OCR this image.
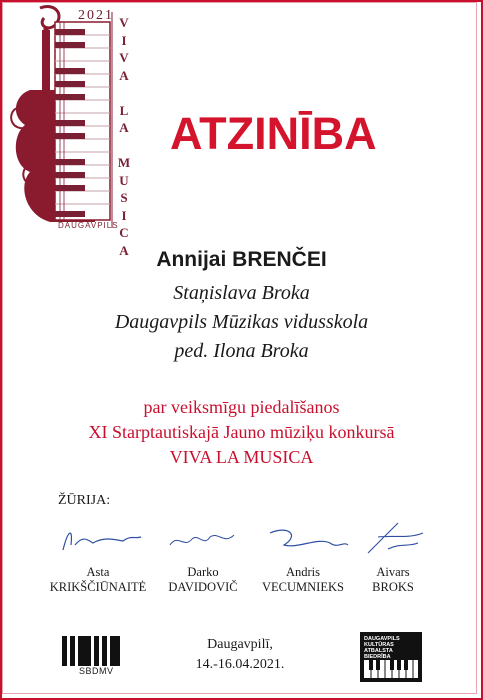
2021 V
I
V
A

L
A

M
U
S
I
C
A
DAUGAVPILS
ATZINĪBA
Annijai BRENČEI
Staņislava Broka
Daugavpils Mūzikas vidusskola
ped. Ilona Broka
par veiksmīgu piedalīšanos
XI Starptautiskajā Jauno mūziķu konkursā
VIVA LA MUSICA
ŽŪRIJA:
Asta
KRIKŠČIŪNAITĖ
Darko
DAVIDOVIČ
Andris
VECUMNIEKS
Aivars
BROKS
SBDMV
Daugavpilī,
14.-16.04.2021.
DAUGAVPILS
KULTŪRAS
ATBALSTA
BIEDRĪBA
